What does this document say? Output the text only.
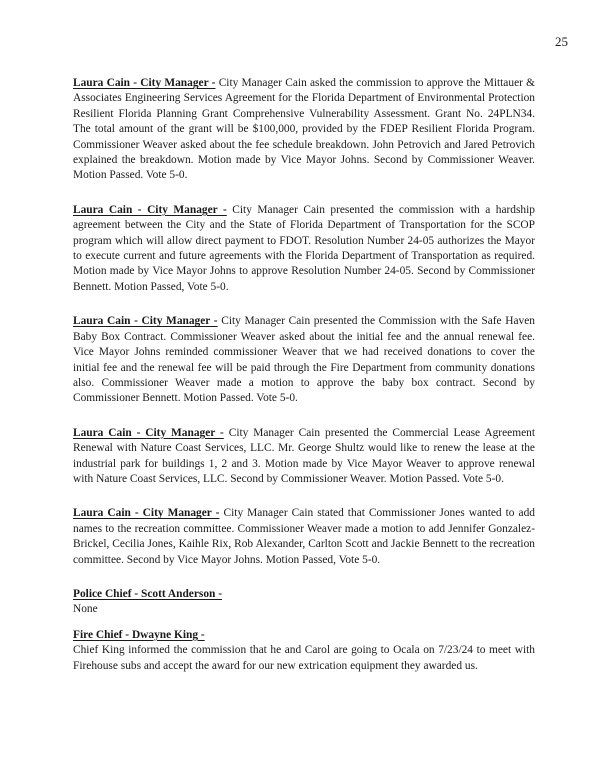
25

Laura Cain - City Manager - City Manager Cain asked the commission to approve the Mittauer & Associates Engineering Services Agreement for the Florida Department of Environmental Protection Resilient Florida Planning Grant Comprehensive Vulnerability Assessment. Grant No. 24PLN34. The total amount of the grant will be $100,000, provided by the FDEP Resilient Florida Program. Commissioner Weaver asked about the fee schedule breakdown. John Petrovich and Jared Petrovich explained the breakdown. Motion made by Vice Mayor Johns. Second by Commissioner Weaver. Motion Passed. Vote 5-0.

Laura Cain - City Manager - City Manager Cain presented the commission with a hardship agreement between the City and the State of Florida Department of Transportation for the SCOP program which will allow direct payment to FDOT. Resolution Number 24-05 authorizes the Mayor to execute current and future agreements with the Florida Department of Transportation as required. Motion made by Vice Mayor Johns to approve Resolution Number 24-05. Second by Commissioner Bennett. Motion Passed, Vote 5-0.

Laura Cain - City Manager - City Manager Cain presented the Commission with the Safe Haven Baby Box Contract. Commissioner Weaver asked about the initial fee and the annual renewal fee. Vice Mayor Johns reminded commissioner Weaver that we had received donations to cover the initial fee and the renewal fee will be paid through the Fire Department from community donations also. Commissioner Weaver made a motion to approve the baby box contract. Second by Commissioner Bennett. Motion Passed. Vote 5-0.

Laura Cain - City Manager - City Manager Cain presented the Commercial Lease Agreement Renewal with Nature Coast Services, LLC. Mr. George Shultz would like to renew the lease at the industrial park for buildings 1, 2 and 3. Motion made by Vice Mayor Weaver to approve renewal with Nature Coast Services, LLC. Second by Commissioner Weaver. Motion Passed. Vote 5-0.

Laura Cain - City Manager - City Manager Cain stated that Commissioner Jones wanted to add names to the recreation committee. Commissioner Weaver made a motion to add Jennifer Gonzalez-Brickel, Cecilia Jones, Kaihle Rix, Rob Alexander, Carlton Scott and Jackie Bennett to the recreation committee. Second by Vice Mayor Johns. Motion Passed, Vote 5-0.

Police Chief - Scott Anderson -
None
Fire Chief - Dwayne King -
Chief King informed the commission that he and Carol are going to Ocala on 7/23/24 to meet with Firehouse subs and accept the award for our new extrication equipment they awarded us.
